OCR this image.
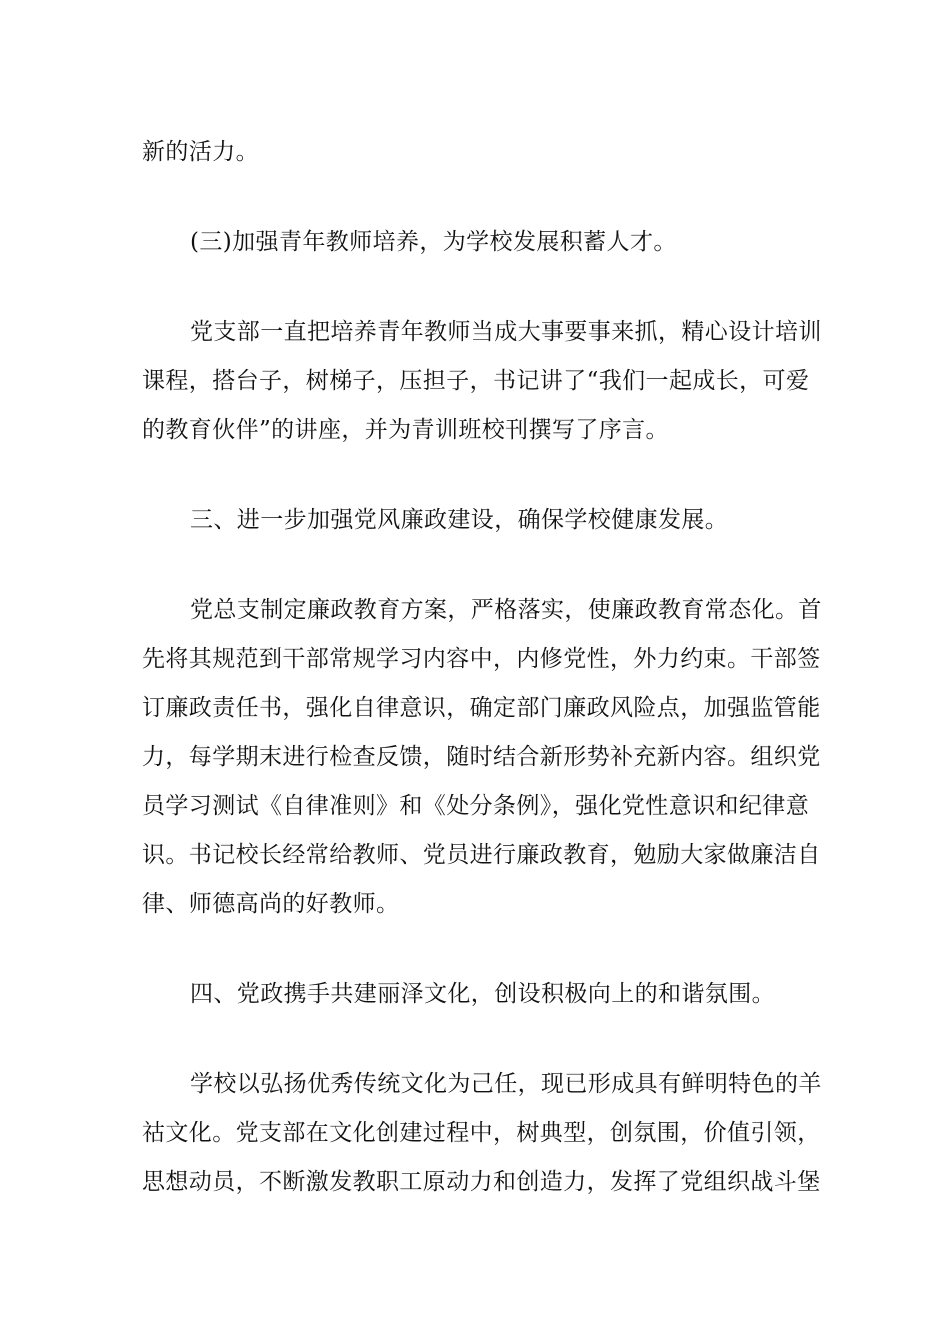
新的活力。

(三)加强青年教师培养，为学校发展积蓄人才。

党支部一直把培养青年教师当成大事要事来抓，精心设计培训
课程，搭台子，树梯子，压担子，书记讲了“我们一起成长，可爱
的教育伙伴”的讲座，并为青训班校刊撰写了序言。

三、进一步加强党风廉政建设，确保学校健康发展。

党总支制定廉政教育方案，严格落实，使廉政教育常态化。首
先将其规范到干部常规学习内容中，内修党性，外力约束。干部签
订廉政责任书，强化自律意识，确定部门廉政风险点，加强监管能
力，每学期末进行检查反馈，随时结合新形势补充新内容。组织党
员学习测试《自律准则》和《处分条例》，强化党性意识和纪律意
识。书记校长经常给教师、党员进行廉政教育，勉励大家做廉洁自
律、师德高尚的好教师。

四、党政携手共建丽泽文化，创设积极向上的和谐氛围。

学校以弘扬优秀传统文化为己任，现已形成具有鲜明特色的羊
祜文化。党支部在文化创建过程中，树典型，创氛围，价值引领，
思想动员，不断激发教职工原动力和创造力，发挥了党组织战斗堡
